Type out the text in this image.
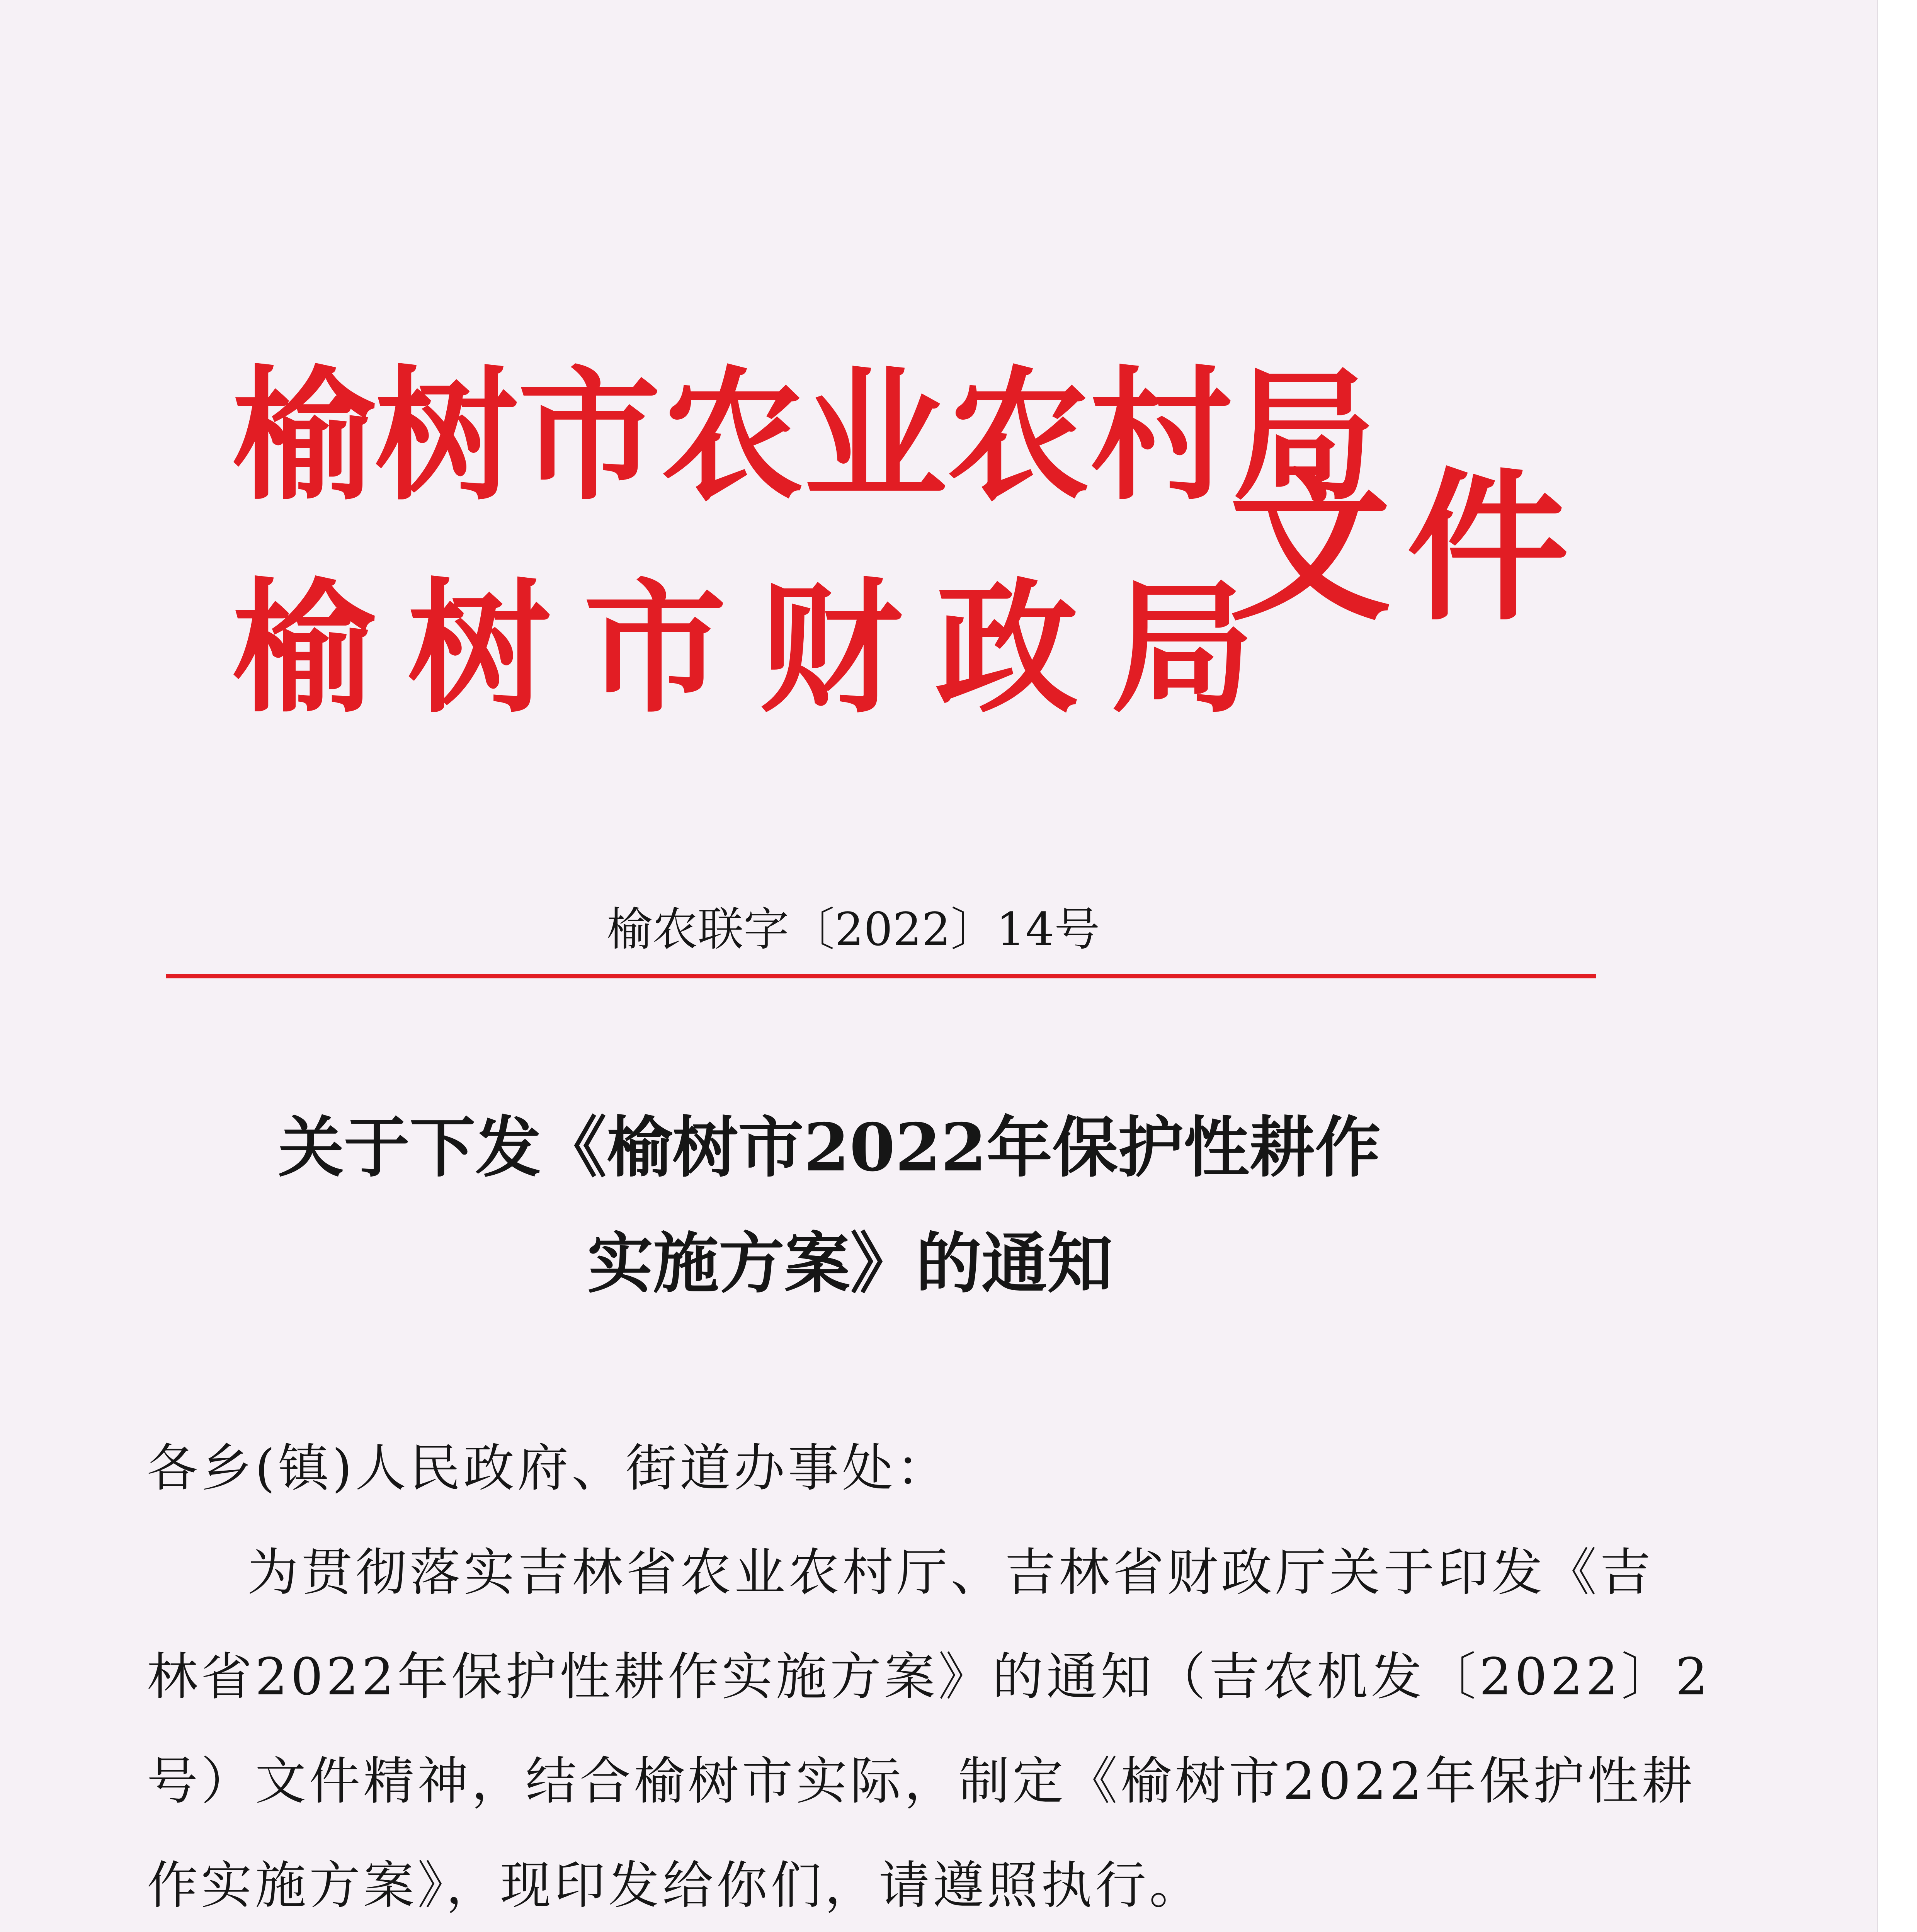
榆树市农业农村局
榆树市财政局
文件
榆农联字〔2022〕14号
关于下发《榆树市2022年保护性耕作
实施方案》的通知
各乡(镇)人民政府、街道办事处：
为贯彻落实吉林省农业农村厅、吉林省财政厅关于印发《吉
林省2022年保护性耕作实施方案》的通知（吉农机发〔2022〕2
号）文件精神，结合榆树市实际，制定《榆树市2022年保护性耕
作实施方案》，现印发给你们，请遵照执行。
